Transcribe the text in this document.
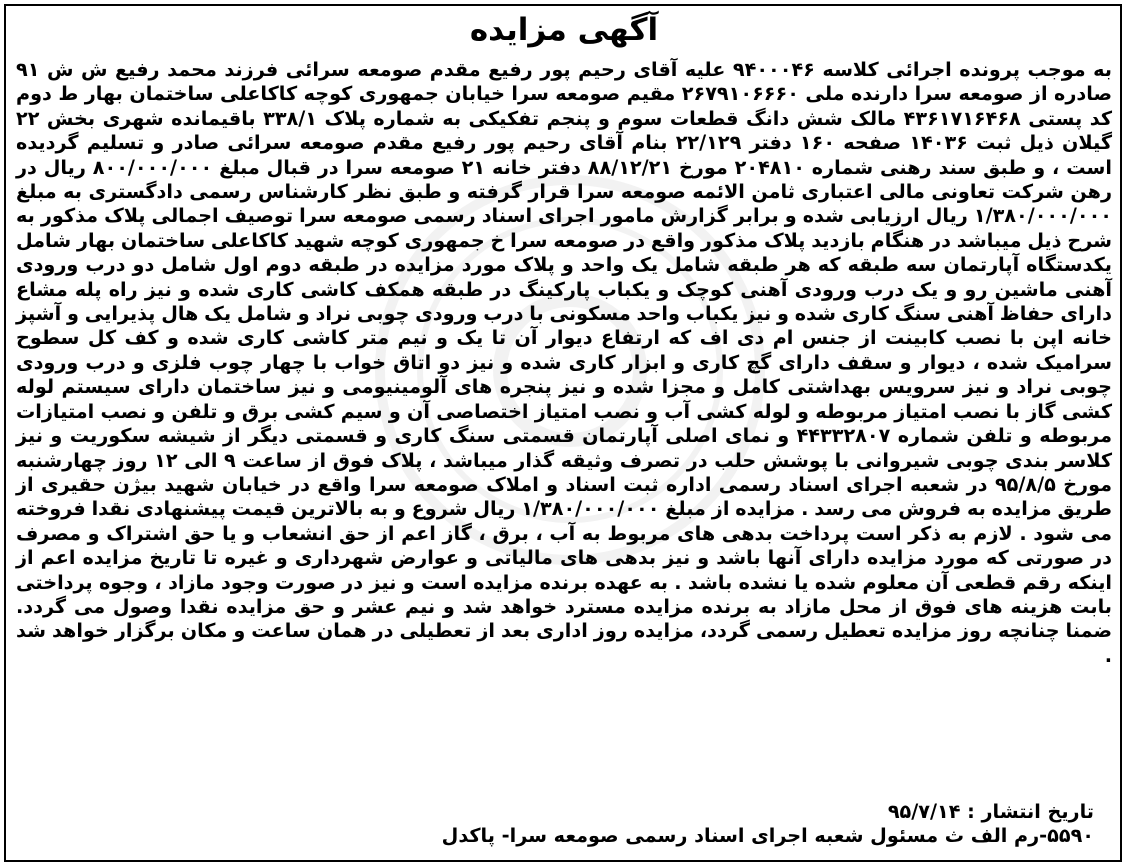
آگهی مزایده

به موجب پرونده اجرائی کلاسه ۹۴۰۰۰۴۶ علیه آقای رحیم پور رفیع مقدم صومعه سرائی فرزند محمد رفیع ش ش ۹۱ صادره از صومعه سرا دارنده ملی ۲۶۷۹۱۰۶۶۶۰ مقیم صومعه سرا خیابان جمهوری کوچه کاکاعلی ساختمان بهار ط دوم کد پستی ۴۳۶۱۷۱۶۴۶۸ مالک شش دانگ قطعات سوم و پنجم تفکیکی به شماره پلاک ۳۳۸/۱ باقیمانده شهری بخش ۲۲ گیلان ذیل ثبت ۱۴۰۳۶ صفحه ۱۶۰ دفتر ۲۲/۱۲۹ بنام آقای رحیم پور رفیع مقدم صومعه سرائی صادر و تسلیم گردیده است ، و طبق سند رهنی شماره ۲۰۴۸۱۰ مورخ ۸۸/۱۲/۲۱ دفتر خانه ۲۱ صومعه سرا در قبال مبلغ ۸۰۰/۰۰۰/۰۰۰ ریال در رهن شرکت تعاونی مالی اعتباری ثامن الائمه صومعه سرا قرار گرفته و طبق نظر کارشناس رسمی دادگستری به مبلغ ۱/۳۸۰/۰۰۰/۰۰۰ ریال ارزیابی شده و برابر گزارش مامور اجرای اسناد رسمی صومعه سرا توصیف اجمالی پلاک مذکور به شرح ذیل میباشد در هنگام بازدید پلاک مذکور واقع در صومعه سرا خ جمهوری کوچه شهید کاکاعلی ساختمان بهار شامل یکدستگاه آپارتمان سه طبقه که هر طبقه شامل یک واحد و پلاک مورد مزایده در طبقه دوم اول شامل دو درب ورودی آهنی ماشین رو و یک درب ورودی آهنی کوچک و یکباب پارکینگ در طبقه همکف کاشی کاری شده و نیز راه پله مشاع دارای حفاظ آهنی سنگ کاری شده و نیز یکباب واحد مسکونی با درب ورودی چوبی نراد و شامل یک هال پذیرایی و آشپز خانه اپن با نصب کابینت از جنس ام دی اف که ارتفاع دیوار آن تا یک و نیم متر کاشی کاری شده و کف کل سطوح سرامیک شده ، دیوار و سقف دارای گچ کاری و ابزار کاری شده و نیز دو اتاق خواب با چهار چوب فلزی و درب ورودی چوبی نراد و نیز سرویس بهداشتی کامل و مجزا شده و نیز پنجره های آلومینیومی و نیز ساختمان دارای سیستم لوله کشی گاز با نصب امتیاز مربوطه و لوله کشی آب و نصب امتیاز اختصاصی آن و سیم کشی برق و تلفن و نصب امتیازات مربوطه و تلفن شماره ۴۴۳۳۲۸۰۷ و نمای اصلی آپارتمان قسمتی سنگ کاری و قسمتی دیگر از شیشه سکوریت و نیز کلاسر بندی چوبی شیروانی با پوشش حلب در تصرف وثیقه گذار میباشد ، پلاک فوق از ساعت ۹ الی ۱۲ روز چهارشنبه مورخ ۹۵/۸/۵ در شعبه اجرای اسناد رسمی اداره ثبت اسناد و املاک صومعه سرا واقع در خیابان شهید بیژن حقیری از طریق مزایده به فروش می رسد . مزایده از مبلغ ۱/۳۸۰/۰۰۰/۰۰۰ ریال شروع و به بالاترین قیمت پیشنهادی نقدا فروخته می شود . لازم به ذکر است پرداخت بدهی های مربوط به آب ، برق ، گاز اعم از حق انشعاب و یا حق اشتراک و مصرف در صورتی که مورد مزایده دارای آنها باشد و نیز بدهی های مالیاتی و عوارض شهرداری و غیره تا تاریخ مزایده اعم از اینکه رقم قطعی آن معلوم شده یا نشده باشد . به عهده برنده مزایده است و نیز در صورت وجود مازاد ، وجوه پرداختی بابت هزینه های فوق از محل مازاد به برنده مزایده مسترد خواهد شد و نیم عشر و حق مزایده نقدا وصول می گردد. ضمنا چنانچه روز مزایده تعطیل رسمی گردد، مزایده روز اداری بعد از تعطیلی در همان ساعت و مکان برگزار خواهد شد .

تاریخ انتشار : ۹۵/۷/۱۴
۵۵۹۰-رم الف ث مسئول شعبه اجرای اسناد رسمی صومعه سرا- پاکدل
